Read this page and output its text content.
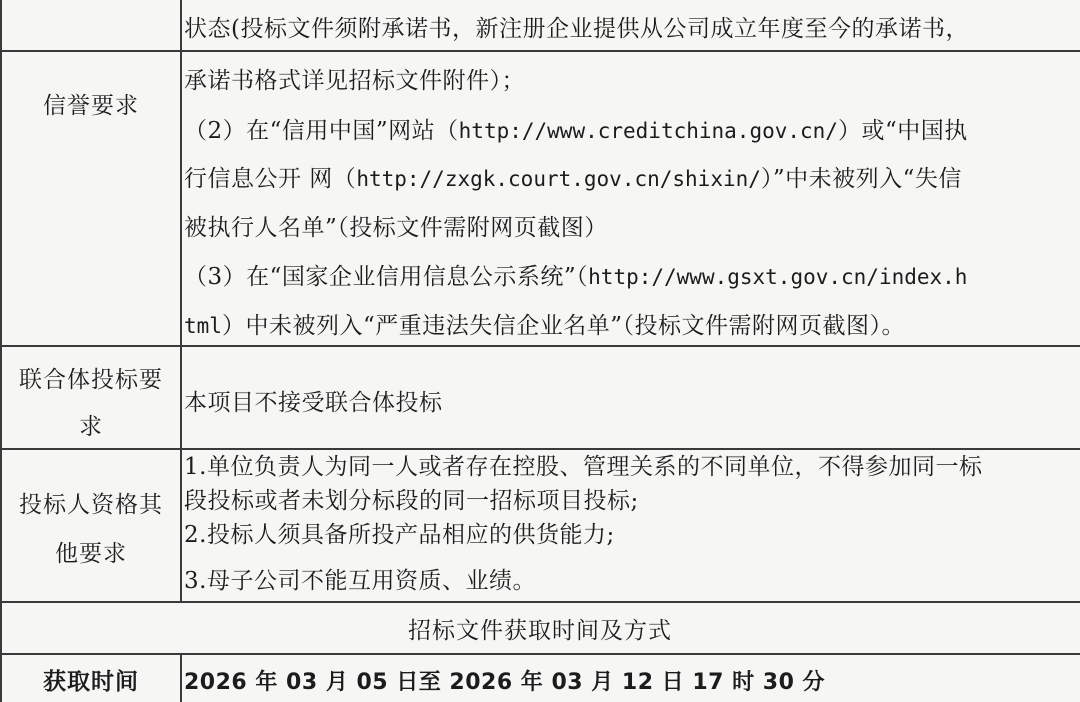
状态(投标文件须附承诺书，新注册企业提供从公司成立年度至今的承诺书，
信誉要求
承诺书格式详见招标文件附件）；
（2）在“信用中国”网站（http://www.creditchina.gov.cn/）或“中国执
行信息公开 网（http://zxgk.court.gov.cn/shixin/）”中未被列入“失信
被执行人名单”（投标文件需附网页截图）
（3）在“国家企业信用信息公示系统”（http://www.gsxt.gov.cn/index.h
tml）中未被列入“严重违法失信企业名单”（投标文件需附网页截图）。
联合体投标要
求
本项目不接受联合体投标
投标人资格其
他要求
1.单位负责人为同一人或者存在控股、管理关系的不同单位，不得参加同一标
段投标或者未划分标段的同一招标项目投标;
2.投标人须具备所投产品相应的供货能力;
3.母子公司不能互用资质、业绩。
招标文件获取时间及方式
获取时间	2026 年 03 月 05 日至 2026 年 03 月 12 日 17 时 30 分
